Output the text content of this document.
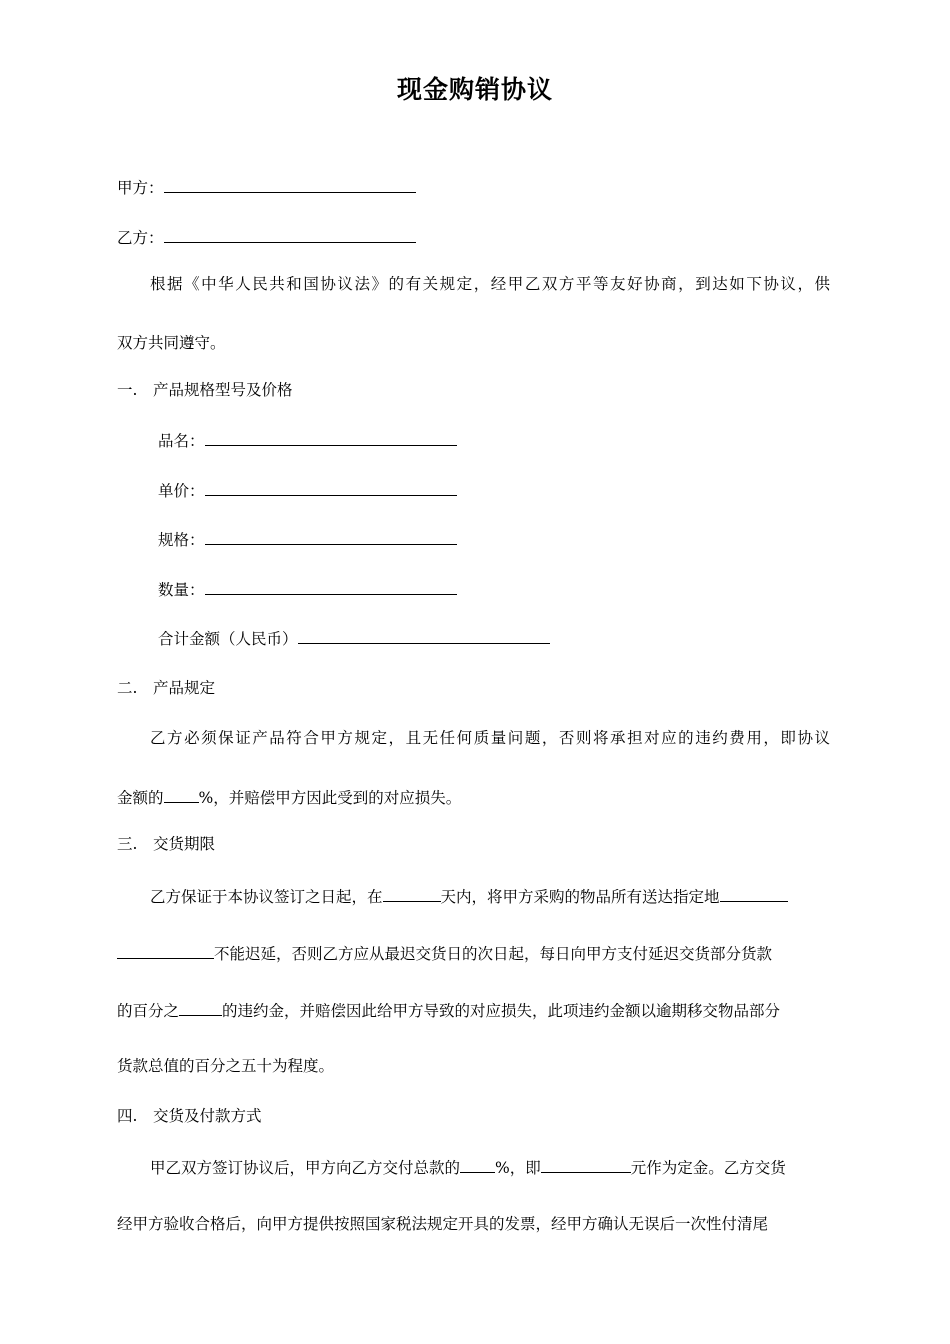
现金购销协议
甲方：
乙方：
根据《中华人民共和国协议法》的有关规定，经甲乙双方平等友好协商，到达如下协议，供
双方共同遵守。
一. 产品规格型号及价格
品名：
单价：
规格：
数量：
合计金额（人民币）
二. 产品规定
乙方必须保证产品符合甲方规定，且无任何质量问题，否则将承担对应的违约费用，即协议
金额的 %，并赔偿甲方因此受到的对应损失。
三. 交货期限
乙方保证于本协议签订之日起，在	天内，将甲方采购的物品所有送达指定地
不能迟延，否则乙方应从最迟交货日的次日起，每日向甲方支付延迟交货部分货款
的百分之	的违约金，并赔偿因此给甲方导致的对应损失，此项违约金额以逾期移交物品部分
货款总值的百分之五十为程度。
四. 交货及付款方式
甲乙双方签订协议后，甲方向乙方交付总款的 %，即	元作为定金。乙方交货
经甲方验收合格后，向甲方提供按照国家税法规定开具的发票，经甲方确认无误后一次性付清尾
